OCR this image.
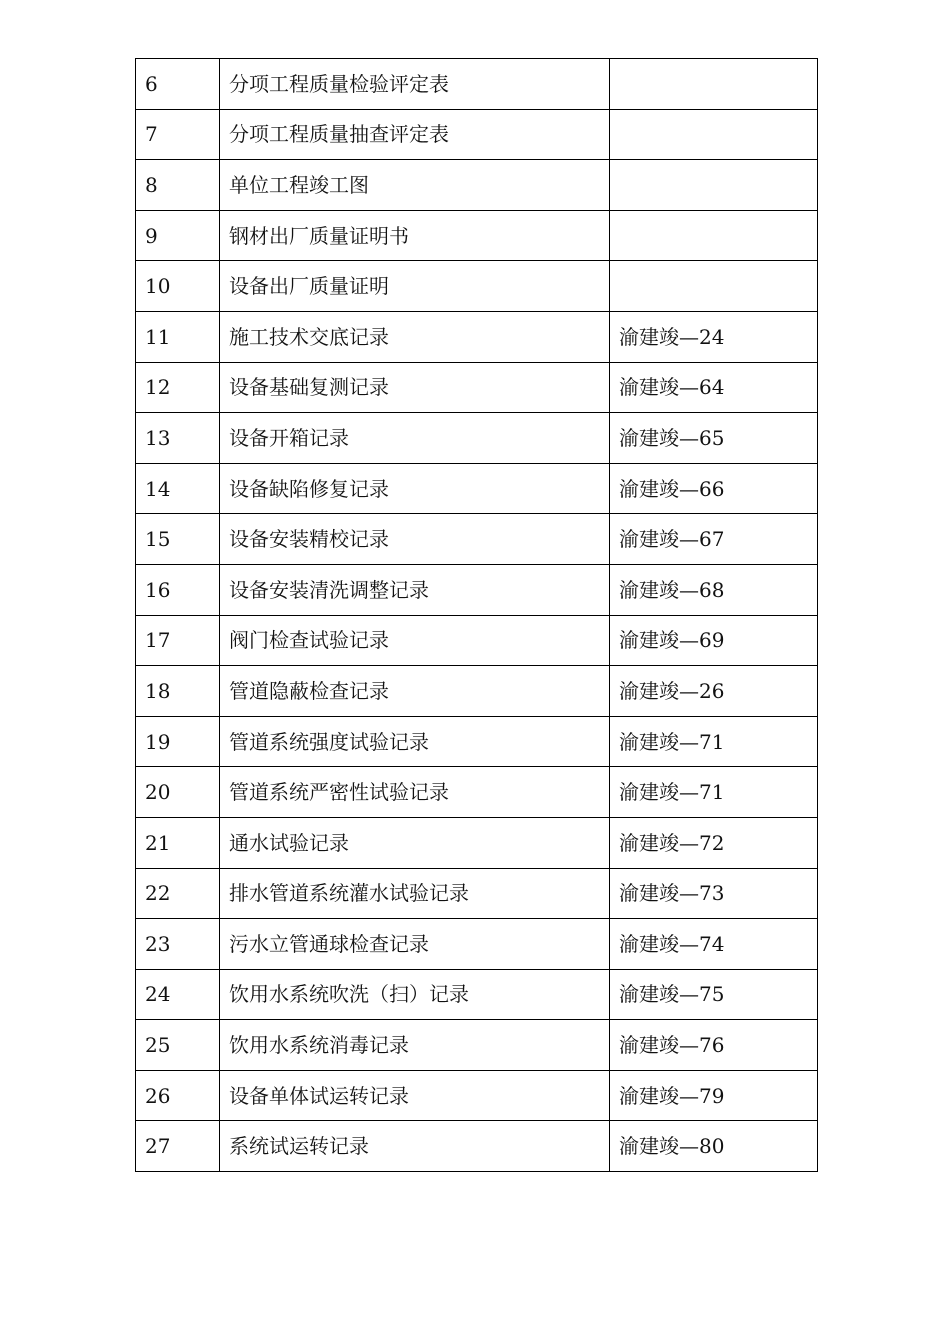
6	分项工程质量检验评定表	
7	分项工程质量抽查评定表	
8	单位工程竣工图	
9	钢材出厂质量证明书	
10	设备出厂质量证明	
11	施工技术交底记录	渝建竣—24
12	设备基础复测记录	渝建竣—64
13	设备开箱记录	渝建竣—65
14	设备缺陷修复记录	渝建竣—66
15	设备安装精校记录	渝建竣—67
16	设备安装清洗调整记录	渝建竣—68
17	阀门检查试验记录	渝建竣—69
18	管道隐蔽检查记录	渝建竣—26
19	管道系统强度试验记录	渝建竣—71
20	管道系统严密性试验记录	渝建竣—71
21	通水试验记录	渝建竣—72
22	排水管道系统灌水试验记录	渝建竣—73
23	污水立管通球检查记录	渝建竣—74
24	饮用水系统吹洗（扫）记录	渝建竣—75
25	饮用水系统消毒记录	渝建竣—76
26	设备单体试运转记录	渝建竣—79
27	系统试运转记录	渝建竣—80
